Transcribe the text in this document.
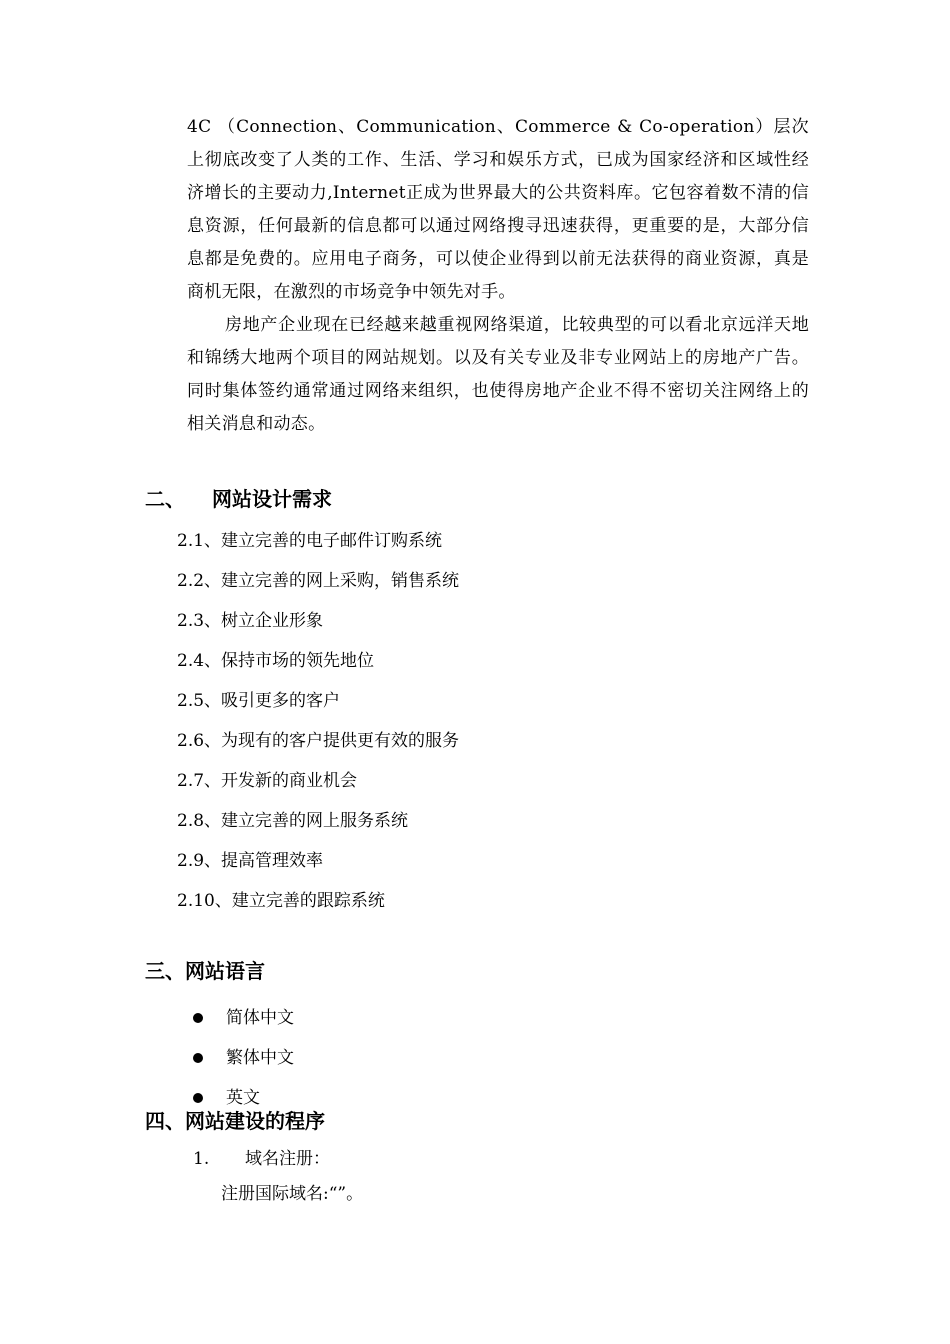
4C （Connection、Communication、Commerce & Co-operation）层次上彻底改变了人类的工作、生活、学习和娱乐方式，已成为国家经济和区域性经济增长的主要动力,Internet正成为世界最大的公共资料库。它包容着数不清的信息资源，任何最新的信息都可以通过网络搜寻迅速获得，更重要的是，大部分信息都是免费的。应用电子商务，可以使企业得到以前无法获得的商业资源，真是商机无限，在激烈的市场竞争中领先对手。

房地产企业现在已经越来越重视网络渠道，比较典型的可以看北京远洋天地和锦绣大地两个项目的网站规划。以及有关专业及非专业网站上的房地产广告。同时集体签约通常通过网络来组织，也使得房地产企业不得不密切关注网络上的相关消息和动态。

二、 网站设计需求
2.1、建立完善的电子邮件订购系统
2.2、建立完善的网上采购，销售系统
2.3、树立企业形象
2.4、保持市场的领先地位
2.5、吸引更多的客户
2.6、为现有的客户提供更有效的服务
2.7、开发新的商业机会
2.8、建立完善的网上服务系统
2.9、提高管理效率
2.10、建立完善的跟踪系统
三、网站语言
简体中文
繁体中文
英文
四、网站建设的程序
1. 域名注册：
注册国际域名:“”。
